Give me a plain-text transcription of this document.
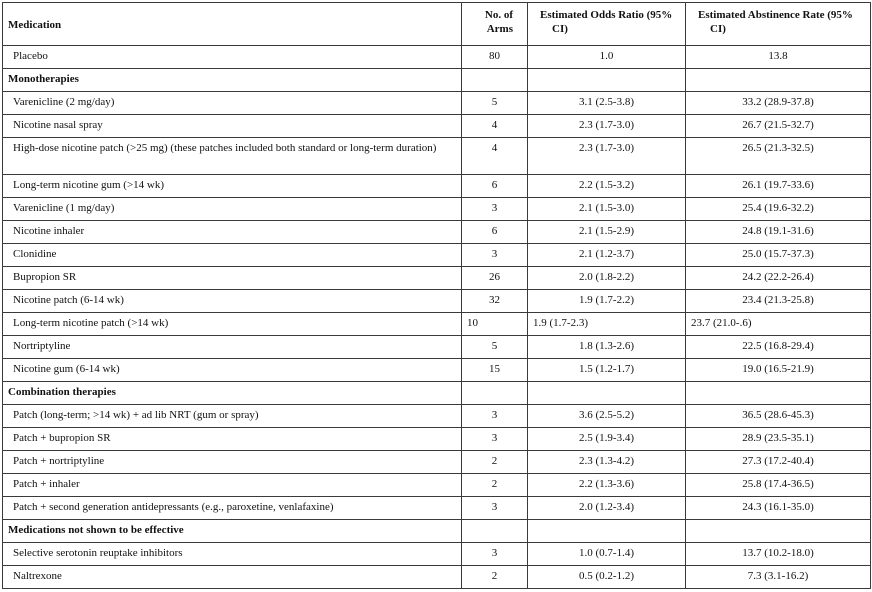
Medication	No. of Arms	Estimated Odds Ratio (95% CI)	Estimated Abstinence Rate (95% CI)

Placebo	80	1.0	13.8
Monotherapies			

Varenicline (2 mg/day)	5	3.1 (2.5-3.8)	33.2 (28.9-37.8)

Nicotine nasal spray	4	2.3 (1.7-3.0)	26.7 (21.5-32.7)

High-dose nicotine patch (>25 mg) (these patches included both standard or long-term duration)	4	2.3 (1.7-3.0)	26.5 (21.3-32.5)

Long-term nicotine gum (>14 wk)	6	2.2 (1.5-3.2)	26.1 (19.7-33.6)

Varenicline (1 mg/day)	3	2.1 (1.5-3.0)	25.4 (19.6-32.2)

Nicotine inhaler	6	2.1 (1.5-2.9)	24.8 (19.1-31.6)

Clonidine	3	2.1 (1.2-3.7)	25.0 (15.7-37.3)

Bupropion SR	26	2.0 (1.8-2.2)	24.2 (22.2-26.4)

Nicotine patch (6-14 wk)	32	1.9 (1.7-2.2)	23.4 (21.3-25.8)

Long-term nicotine patch (>14 wk)	10	1.9 (1.7-2.3)	23.7 (21.0-.6)

Nortriptyline	5	1.8 (1.3-2.6)	22.5 (16.8-29.4)

Nicotine gum (6-14 wk)	15	1.5 (1.2-1.7)	19.0 (16.5-21.9)
Combination therapies			

Patch (long-term; >14 wk) + ad lib NRT (gum or spray)	3	3.6 (2.5-5.2)	36.5 (28.6-45.3)

Patch + bupropion SR	3	2.5 (1.9-3.4)	28.9 (23.5-35.1)

Patch + nortriptyline	2	2.3 (1.3-4.2)	27.3 (17.2-40.4)

Patch + inhaler	2	2.2 (1.3-3.6)	25.8 (17.4-36.5)

Patch + second generation antidepressants (e.g., paroxetine, venlafaxine)	3	2.0 (1.2-3.4)	24.3 (16.1-35.0)
Medications not shown to be effective			

Selective serotonin reuptake inhibitors	3	1.0 (0.7-1.4)	13.7 (10.2-18.0)

Naltrexone	2	0.5 (0.2-1.2)	7.3 (3.1-16.2)
